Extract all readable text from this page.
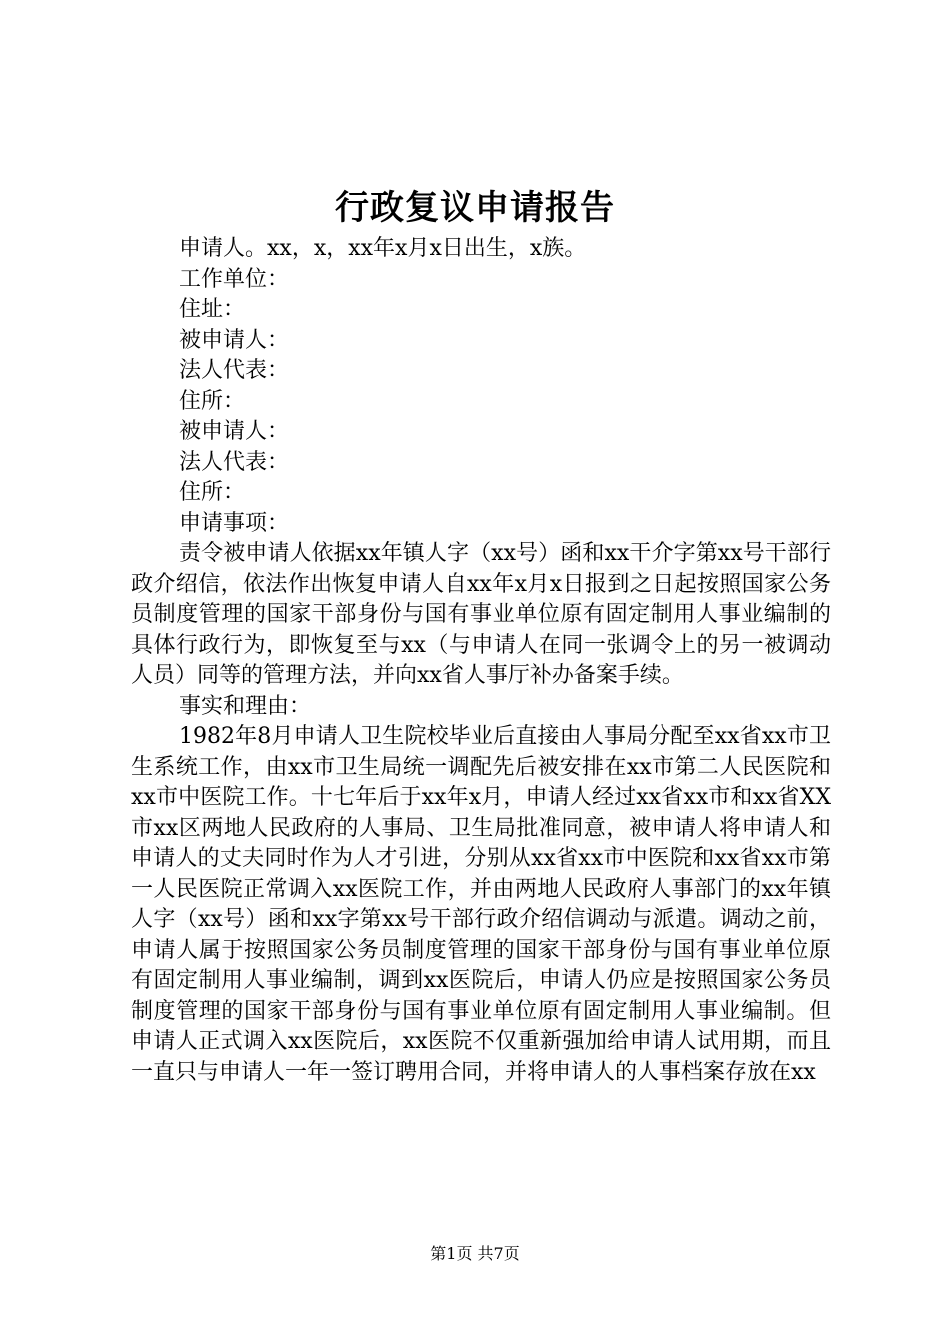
行政复议申请报告
申请人。xx，x，xx年x月x日出生，x族。
工作单位：
住址：
被申请人：
法人代表：
住所：
被申请人：
法人代表：
住所：
申请事项：
责令被申请人依据xx年镇人字（xx号）函和xx干介字第xx号干部行政介绍信，依法作出恢复申请人自xx年x月x日报到之日起按照国家公务员制度管理的国家干部身份与国有事业单位原有固定制用人事业编制的具体行政行为，即恢复至与xx（与申请人在同一张调令上的另一被调动人员）同等的管理方法，并向xx省人事厅补办备案手续。
事实和理由：
1982年8月申请人卫生院校毕业后直接由人事局分配至xx省xx市卫生系统工作，由xx市卫生局统一调配先后被安排在xx市第二人民医院和xx市中医院工作。十七年后于xx年x月，申请人经过xx省xx市和xx省XX市xx区两地人民政府的人事局、卫生局批准同意，被申请人将申请人和申请人的丈夫同时作为人才引进，分别从xx省xx市中医院和xx省xx市第一人民医院正常调入xx医院工作，并由两地人民政府人事部门的xx年镇人字（xx号）函和xx字第xx号干部行政介绍信调动与派遣。调动之前，申请人属于按照国家公务员制度管理的国家干部身份与国有事业单位原有固定制用人事业编制，调到xx医院后，申请人仍应是按照国家公务员制度管理的国家干部身份与国有事业单位原有固定制用人事业编制。但申请人正式调入xx医院后，xx医院不仅重新强加给申请人试用期，而且一直只与申请人一年一签订聘用合同，并将申请人的人事档案存放在xx
第1页 共7页
